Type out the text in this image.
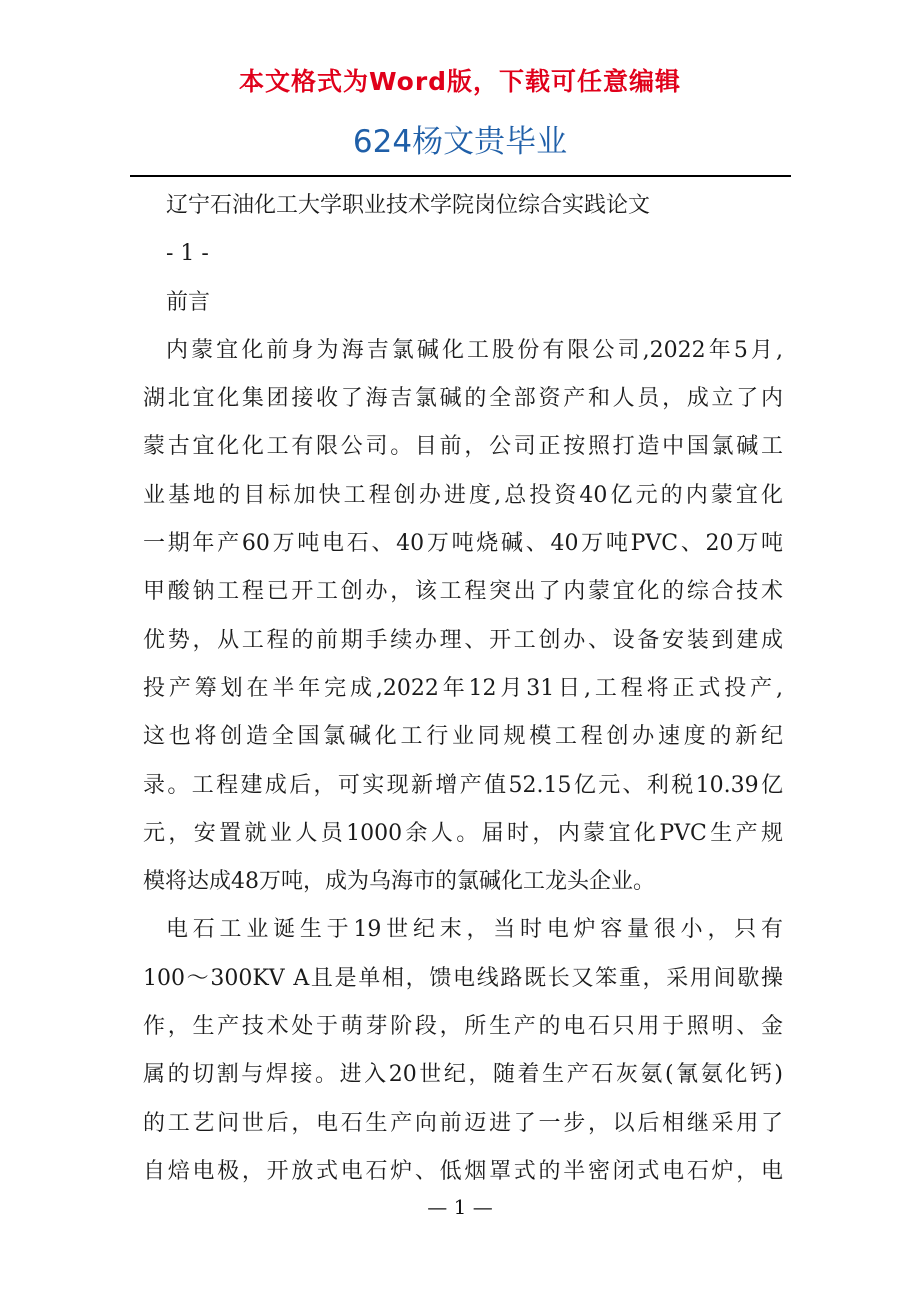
本文格式为Word版，下载可任意编辑
624杨文贵毕业
辽宁石油化工大学职业技术学院岗位综合实践论文
- 1 -
前言
内蒙宜化前身为海吉氯碱化工股份有限公司,2022年5月,
湖北宜化集团接收了海吉氯碱的全部资产和人员，成立了内
蒙古宜化化工有限公司。目前，公司正按照打造中国氯碱工
业基地的目标加快工程创办进度,总投资40亿元的内蒙宜化
一期年产60万吨电石、40万吨烧碱、40万吨PVC、20万吨
甲酸钠工程已开工创办，该工程突出了内蒙宜化的综合技术
优势，从工程的前期手续办理、开工创办、设备安装到建成
投产筹划在半年完成,2022年12月31日,工程将正式投产,
这也将创造全国氯碱化工行业同规模工程创办速度的新纪
录。工程建成后，可实现新增产值52.15亿元、利税10.39亿
元，安置就业人员1000余人。届时，内蒙宜化PVC生产规
模将达成48万吨，成为乌海市的氯碱化工龙头企业。
电石工业诞生于19世纪末，当时电炉容量很小，只有
100～300KV A且是单相，馈电线路既长又笨重，采用间歇操
作，生产技术处于萌芽阶段，所生产的电石只用于照明、金
属的切割与焊接。进入20世纪，随着生产石灰氨(氰氨化钙)
的工艺问世后，电石生产向前迈进了一步，以后相继采用了
自焙电极，开放式电石炉、低烟罩式的半密闭式电石炉，电
— 1 —
